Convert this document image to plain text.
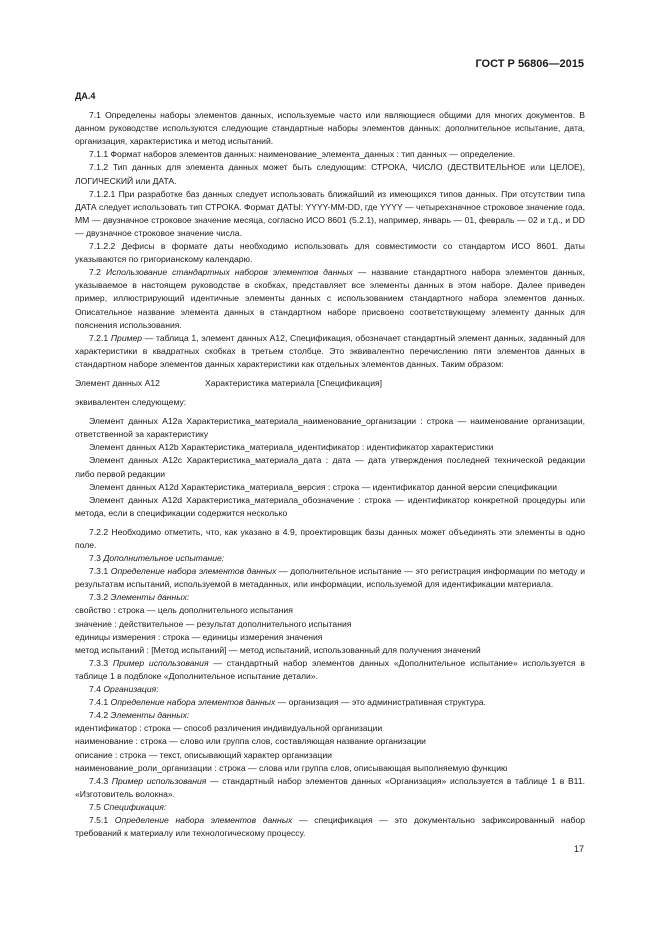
ГОСТ Р 56806—2015

ДА.4

7.1 Определены наборы элементов данных, используемые часто или являющиеся общими для многих документов. В данном руководстве используются следующие стандартные наборы элементов данных: дополнительное испытание, дата, организация, характеристика и метод испытаний.

7.1.1 Формат наборов элементов данных: наименование_элемента_данных : тип данных — определение.

7.1.2 Тип данных для элемента данных может быть следующим: СТРОКА, ЧИСЛО (ДЕСТВИТЕЛЬНОЕ или ЦЕЛОЕ), ЛОГИЧЕСКИЙ или ДАТА.

7.1.2.1 При разработке баз данных следует использовать ближайший из имеющихся типов данных. При отсутствии типа ДАТА следует использовать тип СТРОКА. Формат ДАТЫ: YYYY-MM-DD, где YYYY — четырехзначное строковое значение года, MM — двузначное строковое значение месяца, согласно ИСО 8601 (5.2.1), например, январь — 01, февраль — 02 и т.д., и DD — двузначное строковое значение числа.

7.1.2.2 Дефисы в формате даты необходимо использовать для совместимости со стандартом ИСО 8601. Даты указываются по григорианскому календарю.

7.2 Использование стандартных наборов элементов данных — название стандартного набора элементов данных, указываемое в настоящем руководстве в скобках, представляет все элементы данных в этом наборе. Далее приведен пример, иллюстрирующий идентичные элементы данных с использованием стандартного набора элементов данных. Описательное название элемента данных в стандартном наборе присвоено соответствующему элементу данных для пояснения использования.

7.2.1 Пример — таблица 1, элемент данных А12, Спецификация, обозначает стандартный элемент данных, заданный для характеристики в квадратных скобках в третьем столбце. Это эквивалентно перечислению пяти элементов данных в стандартном наборе элементов данных характеристики как отдельных элементов данных. Таким образом:

Элемент данных А12	Характеристика материала [Спецификация]

эквивалентен следующему:

Элемент данных А12а Характеристика_материала_наименование_организации : строка — наименование организации, ответственной за характеристику

Элемент данных А12b Характеристика_материала_идентификатор : идентификатор характеристики

Элемент данных А12с Характеристика_материала_дата : дата — дата утверждения последней технической редакции либо первой редакции

Элемент данных А12d Характеристика_материала_версия : строка — идентификатор данной версии спецификации

Элемент данных А12d Характеристика_материала_обозначение : строка — идентификатор конкретной процедуры или метода, если в спецификации содержится несколько

7.2.2 Необходимо отметить, что, как указано в 4.9, проектировщик базы данных может объединять эти элементы в одно поле.

7.3 Дополнительное испытание:

7.3.1 Определение набора элементов данных — дополнительное испытание — это регистрация информации по методу и результатам испытаний, используемой в метаданных, или информации, используемой для идентификации материала.

7.3.2 Элементы данных:

свойство : строка — цель дополнительного испытания

значение : действительное — результат дополнительного испытания

единицы измерения : строка — единицы измерения значения

метод испытаний : [Метод испытаний] — метод испытаний, использованный для получения значений

7.3.3 Пример использования — стандартный набор элементов данных «Дополнительное испытание» используется в таблице 1 в подблоке «Дополнительное испытание детали».

7.4 Организация:

7.4.1 Определение набора элементов данных — организация — это административная структура.

7.4.2 Элементы данных:

идентификатор : строка — способ различения индивидуальной организации

наименование : строка — слово или группа слов, составляющая название организации

описание : строка — текст, описывающий характер организации

наименование_роли_организации : строка — слова или группа слов, описывающая выполняемую функцию

7.4.3 Пример использования — стандартный набор элементов данных «Организация» используется в таблице 1 в В11. «Изготовитель волокна».

7.5 Спецификация:

7.5.1 Определение набора элементов данных — спецификация — это документально зафиксированный набор требований к материалу или технологическому процессу.

17
